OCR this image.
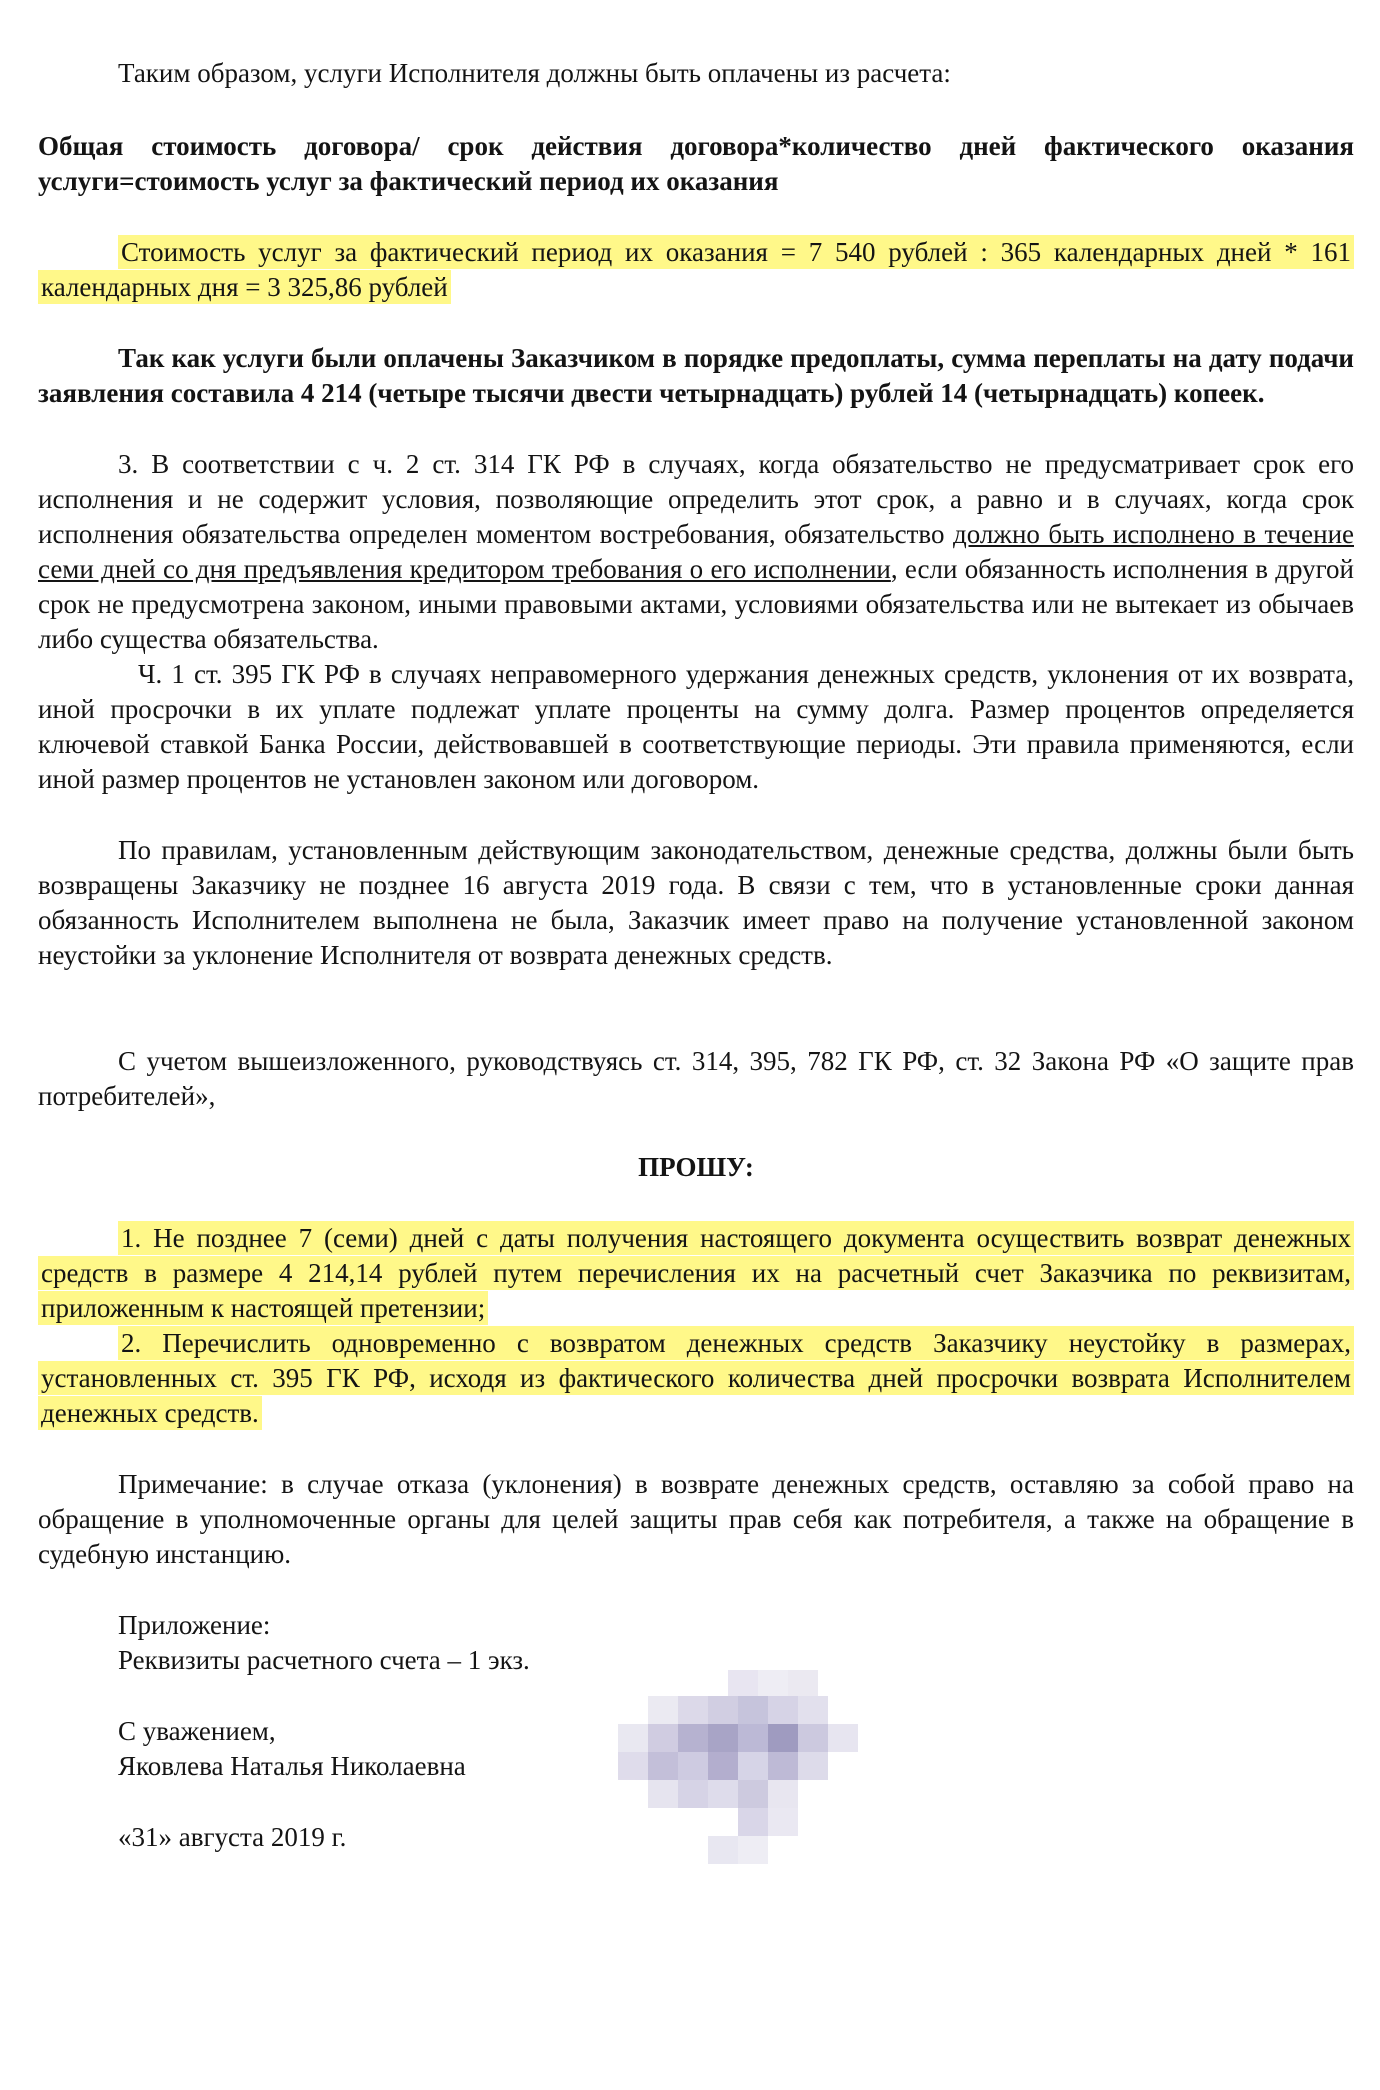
Таким образом, услуги Исполнителя должны быть оплачены из расчета:

Общая стоимость договора/ срок действия договора*количество дней фактического оказания услуги=стоимость услуг за фактический период их оказания

Стоимость услуг за фактический период их оказания = 7 540 рублей : 365 календарных дней * 161 календарных дня = 3 325,86 рублей

Так как услуги были оплачены Заказчиком в порядке предоплаты, сумма переплаты на дату подачи заявления составила 4 214 (четыре тысячи двести четырнадцать) рублей 14 (четырнадцать) копеек.

3. В соответствии с ч. 2 ст. 314 ГК РФ в случаях, когда обязательство не предусматривает срок его исполнения и не содержит условия, позволяющие определить этот срок, а равно и в случаях, когда срок исполнения обязательства определен моментом востребования, обязательство должно быть исполнено в течение семи дней со дня предъявления кредитором требования о его исполнении, если обязанность исполнения в другой срок не предусмотрена законом, иными правовыми актами, условиями обязательства или не вытекает из обычаев либо существа обязательства.

Ч. 1 ст. 395 ГК РФ в случаях неправомерного удержания денежных средств, уклонения от их возврата, иной просрочки в их уплате подлежат уплате проценты на сумму долга. Размер процентов определяется ключевой ставкой Банка России, действовавшей в соответствующие периоды. Эти правила применяются, если иной размер процентов не установлен законом или договором.

По правилам, установленным действующим законодательством, денежные средства, должны были быть возвращены Заказчику не позднее 16 августа 2019 года. В связи с тем, что в установленные сроки данная обязанность Исполнителем выполнена не была, Заказчик имеет право на получение установленной законом неустойки за уклонение Исполнителя от возврата денежных средств.

С учетом вышеизложенного, руководствуясь ст. 314, 395, 782 ГК РФ, ст. 32 Закона РФ «О защите прав потребителей»,

ПРОШУ:

1. Не позднее 7 (семи) дней с даты получения настоящего документа осуществить возврат денежных средств в размере 4 214,14 рублей путем перечисления их на расчетный счет Заказчика по реквизитам, приложенным к настоящей претензии;

2. Перечислить одновременно с возвратом денежных средств Заказчику неустойку в размерах, установленных ст. 395 ГК РФ, исходя из фактического количества дней просрочки возврата Исполнителем денежных средств.

Примечание: в случае отказа (уклонения) в возврате денежных средств, оставляю за собой право на обращение в уполномоченные органы для целей защиты прав себя как потребителя, а также на обращение в судебную инстанцию.

Приложение:

Реквизиты расчетного счета – 1 экз.

С уважением,

Яковлева Наталья Николаевна

«31» августа 2019 г.
